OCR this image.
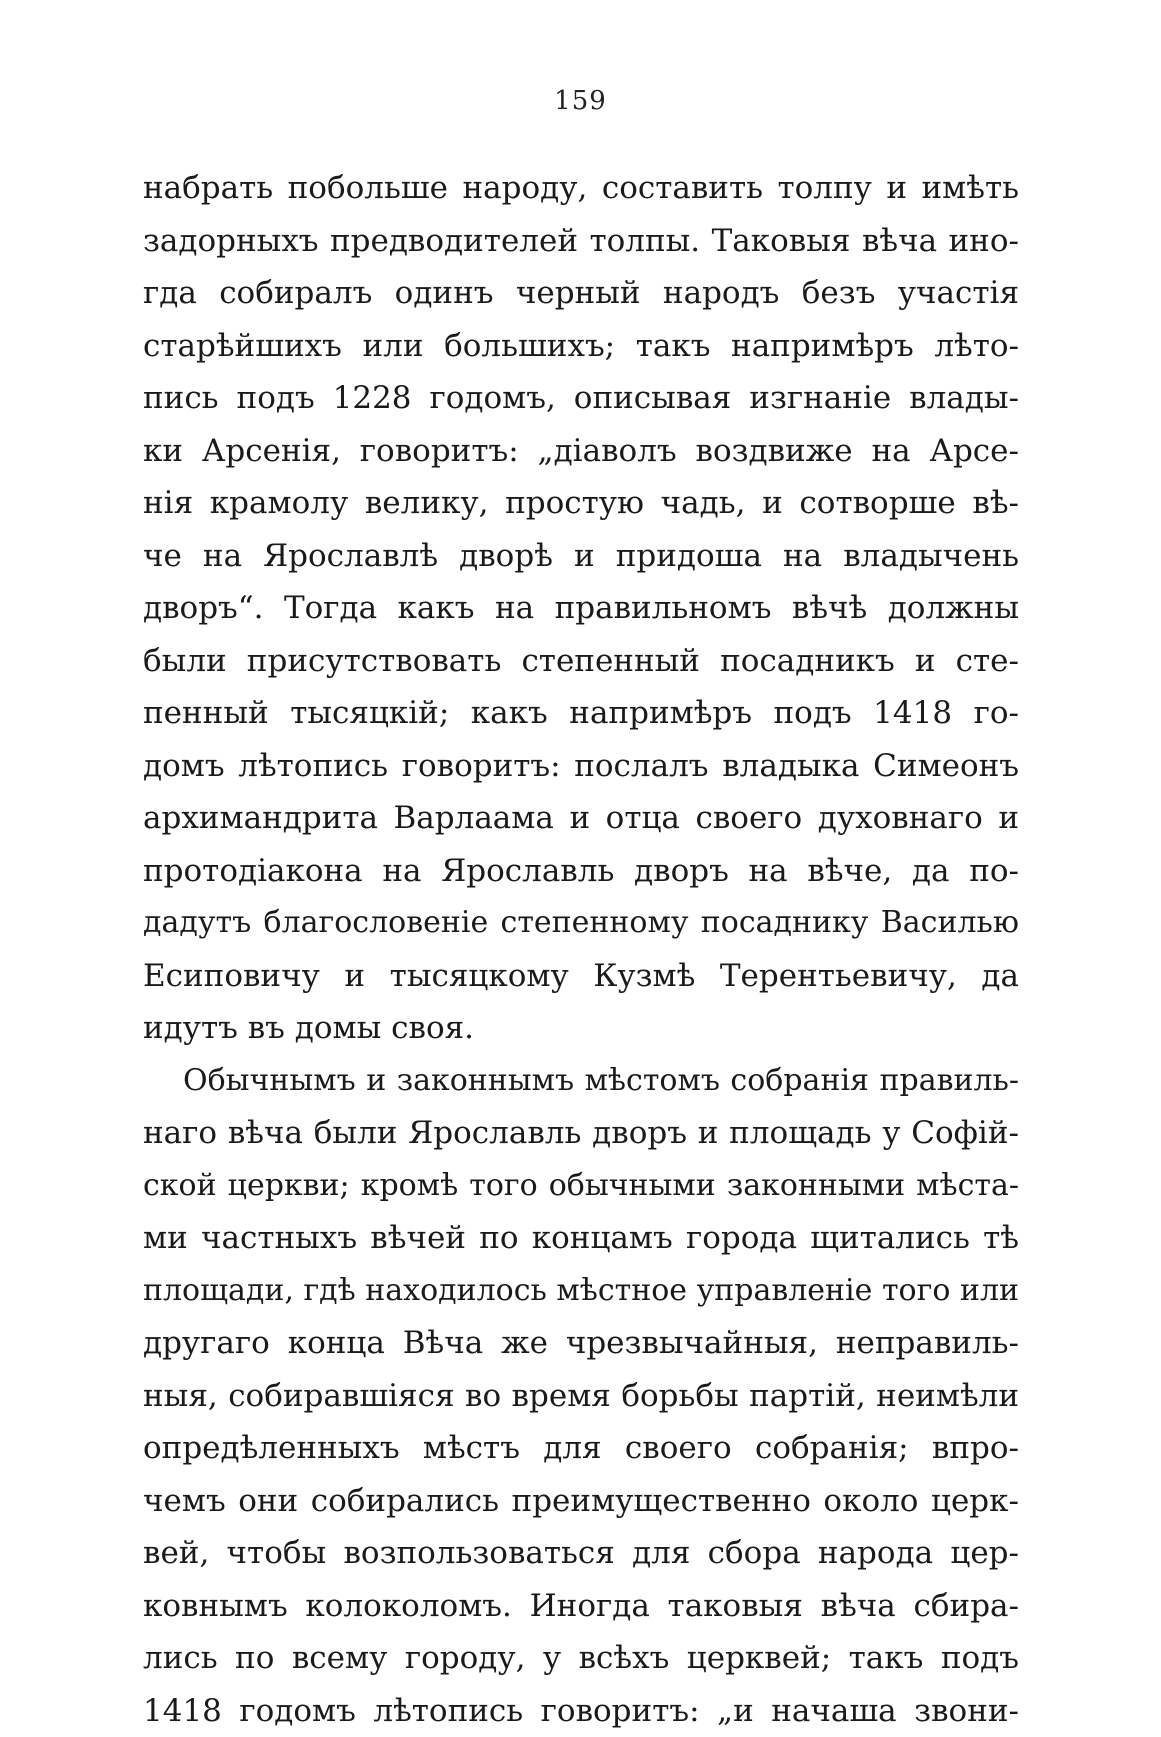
159
набрать побольше народу, составить толпу и имѣть
задорныхъ предводителей толпы. Таковыя вѣча ино-
гда собиралъ одинъ черный народъ безъ участія
старѣйшихъ или большихъ; такъ напримѣръ лѣто-
пись подъ 1228 годомъ, описывая изгнаніе влады-
ки Арсенія, говоритъ: „діаволъ воздвиже на Арсе-
нія крамолу велику, простую чадь, и сотворше вѣ-
че на Ярославлѣ дворѣ и придоша на владычень
дворъ“. Тогда какъ на правильномъ вѣчѣ должны
были присутствовать степенный посадникъ и сте-
пенный тысяцкій; какъ напримѣръ подъ 1418 го-
домъ лѣтопись говоритъ: послалъ владыка Симеонъ
архимандрита Варлаама и отца своего духовнаго и
протодіакона на Ярославль дворъ на вѣче, да по-
дадутъ благословеніе степенному посаднику Василью
Есиповичу и тысяцкому Кузмѣ Терентьевичу, да
идутъ въ домы своя.
Обычнымъ и законнымъ мѣстомъ собранія правиль-
наго вѣча были Ярославль дворъ и площадь у Софій-
ской церкви; кромѣ того обычными законными мѣста-
ми частныхъ вѣчей по концамъ города щитались тѣ
площади, гдѣ находилось мѣстное управленіе того или
другаго конца Вѣча же чрезвычайныя, неправиль-
ныя, собиравшіяся во время борьбы партій, неимѣли
опредѣленныхъ мѣстъ для своего собранія; впро-
чемъ они собирались преимущественно около церк-
вей, чтобы возпользоваться для сбора народа цер-
ковнымъ колоколомъ. Иногда таковыя вѣча сбира-
лись по всему городу, у всѣхъ церквей; такъ подъ
1418 годомъ лѣтопись говоритъ: „и начаша звони-
